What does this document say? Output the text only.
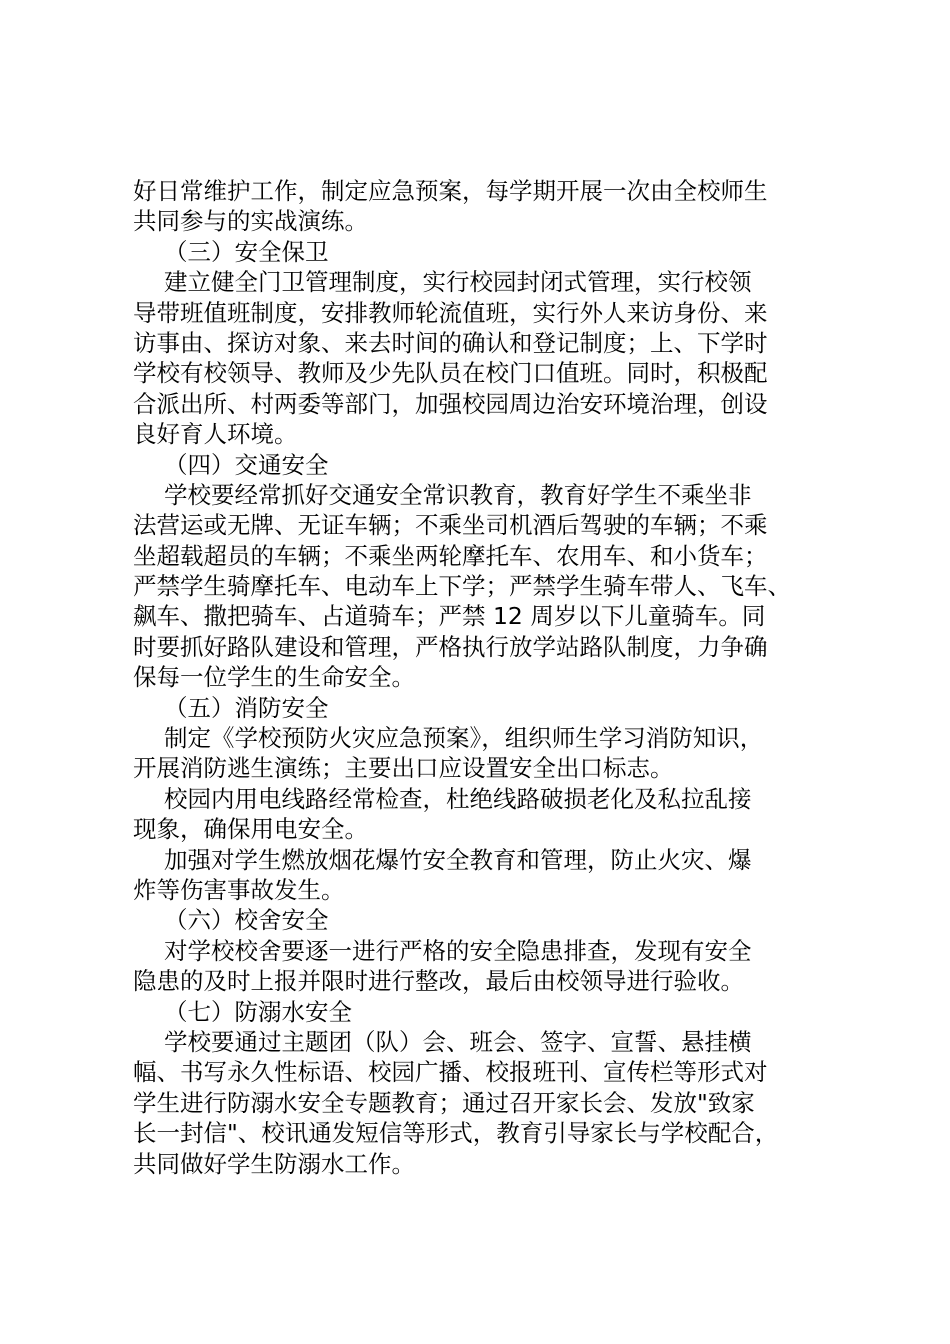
好日常维护工作，制定应急预案，每学期开展一次由全校师生
共同参与的实战演练。
（三）安全保卫
建立健全门卫管理制度，实行校园封闭式管理，实行校领
导带班值班制度，安排教师轮流值班，实行外人来访身份、来
访事由、探访对象、来去时间的确认和登记制度；上、下学时
学校有校领导、教师及少先队员在校门口值班。同时，积极配
合派出所、村两委等部门，加强校园周边治安环境治理，创设
良好育人环境。
（四）交通安全
学校要经常抓好交通安全常识教育，教育好学生不乘坐非
法营运或无牌、无证车辆；不乘坐司机酒后驾驶的车辆；不乘
坐超载超员的车辆；不乘坐两轮摩托车、农用车、和小货车；
严禁学生骑摩托车、电动车上下学；严禁学生骑车带人、飞车、
飙车、撒把骑车、占道骑车；严禁 12 周岁以下儿童骑车。同
时要抓好路队建设和管理，严格执行放学站路队制度，力争确
保每一位学生的生命安全。
（五）消防安全
制定《学校预防火灾应急预案》，组织师生学习消防知识，
开展消防逃生演练；主要出口应设置安全出口标志。
校园内用电线路经常检查，杜绝线路破损老化及私拉乱接
现象，确保用电安全。
加强对学生燃放烟花爆竹安全教育和管理，防止火灾、爆
炸等伤害事故发生。
（六）校舍安全
对学校校舍要逐一进行严格的安全隐患排查，发现有安全
隐患的及时上报并限时进行整改，最后由校领导进行验收。
（七）防溺水安全
学校要通过主题团（队）会、班会、签字、宣誓、悬挂横
幅、书写永久性标语、校园广播、校报班刊、宣传栏等形式对
学生进行防溺水安全专题教育；通过召开家长会、发放"致家
长一封信"、校讯通发短信等形式，教育引导家长与学校配合，
共同做好学生防溺水工作。
